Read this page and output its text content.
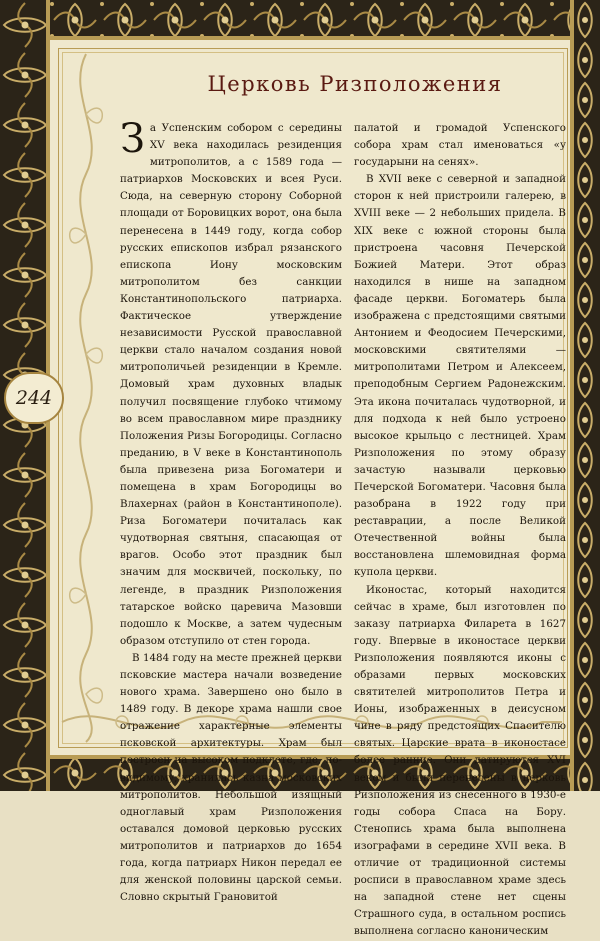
244
Церковь Ризположения

За Успенским собором с середины XV века находилась резиденция митрополитов, а с 1589 года — патриархов Московских и всея Руси. Сюда, на северную сторону Соборной площади от Боровицких ворот, она была перенесена в 1449 году, когда собор русских епископов избрал рязанского епископа Иону московским митрополитом без санкции Константинопольского патриарха. Фактическое утверждение независимости Русской православной церкви стало началом создания новой митрополичьей резиденции в Кремле. Домовый храм духовных владык получил посвящение глубоко чтимому во всем православном мире празднику Положения Ризы Богородицы. Согласно преданию, в V веке в Константинополь была привезена риза Богоматери и помещена в храм Богородицы во Влахернах (район в Константинополе). Риза Богоматери почиталась как чудотворная святыня, спасающая от врагов. Особо этот праздник был значим для москвичей, поскольку, по легенде, в праздник Ризположения татарское войско царевича Мазовши подошло к Москве, а затем чудесным образом отступило от стен города.

В 1484 году на месте прежней церкви псковские мастера начали возведение нового храма. Завершено оно было в 1489 году. В декоре храма нашли свое отражение характерные элементы псковской архитектуры. Храм был построен на высоком подклете, где, по-видимому, хранилась казна московских митрополитов. Небольшой изящный одноглавый храм Ризположения оставался домовой церковью русских митрополитов и патриархов до 1654 года, когда патриарх Никон передал ее для женской половины царской семьи. Словно скрытый Грановитой

палатой и громадой Успенского собора храм стал именоваться «у государыни на сенях».

В XVII веке с северной и западной сторон к ней пристроили галерею, в XVIII веке — 2 небольших придела. В XIX веке с южной стороны была пристроена часовня Печерской Божией Матери. Этот образ находился в нише на западном фасаде церкви. Богоматерь была изображена с предстоящими святыми Антонием и Феодосием Печерскими, московскими святителями — митрополитами Петром и Алексеем, преподобным Сергием Радонежским. Эта икона почиталась чудотворной, и для подхода к ней было устроено высокое крыльцо с лестницей. Храм Ризположения по этому образу зачастую называли церковью Печерской Богоматери. Часовня была разобрана в 1922 году при реставрации, а после Великой Отечественной войны была восстановлена шлемовидная форма купола церкви.

Иконостас, который находится сейчас в храме, был изготовлен по заказу патриарха Филарета в 1627 году. Впервые в иконостасе церкви Ризположения появляются иконы с образами первых московских святителей митрополитов Петра и Ионы, изображенных в деисусном чине в ряду предстоящих Спасителю святых. Царские врата в иконостасе более ранние. Они датируются XVI веком и были перенесены в церковь Ризположения из снесенного в 1930-е годы собора Спаса на Бору. Стенопись храма была выполнена изографами в середине XVII века. В отличие от традиционной системы росписи в православном храме здесь на западной стене нет сцены Страшного суда, в остальном роспись выполнена согласно каноническим
